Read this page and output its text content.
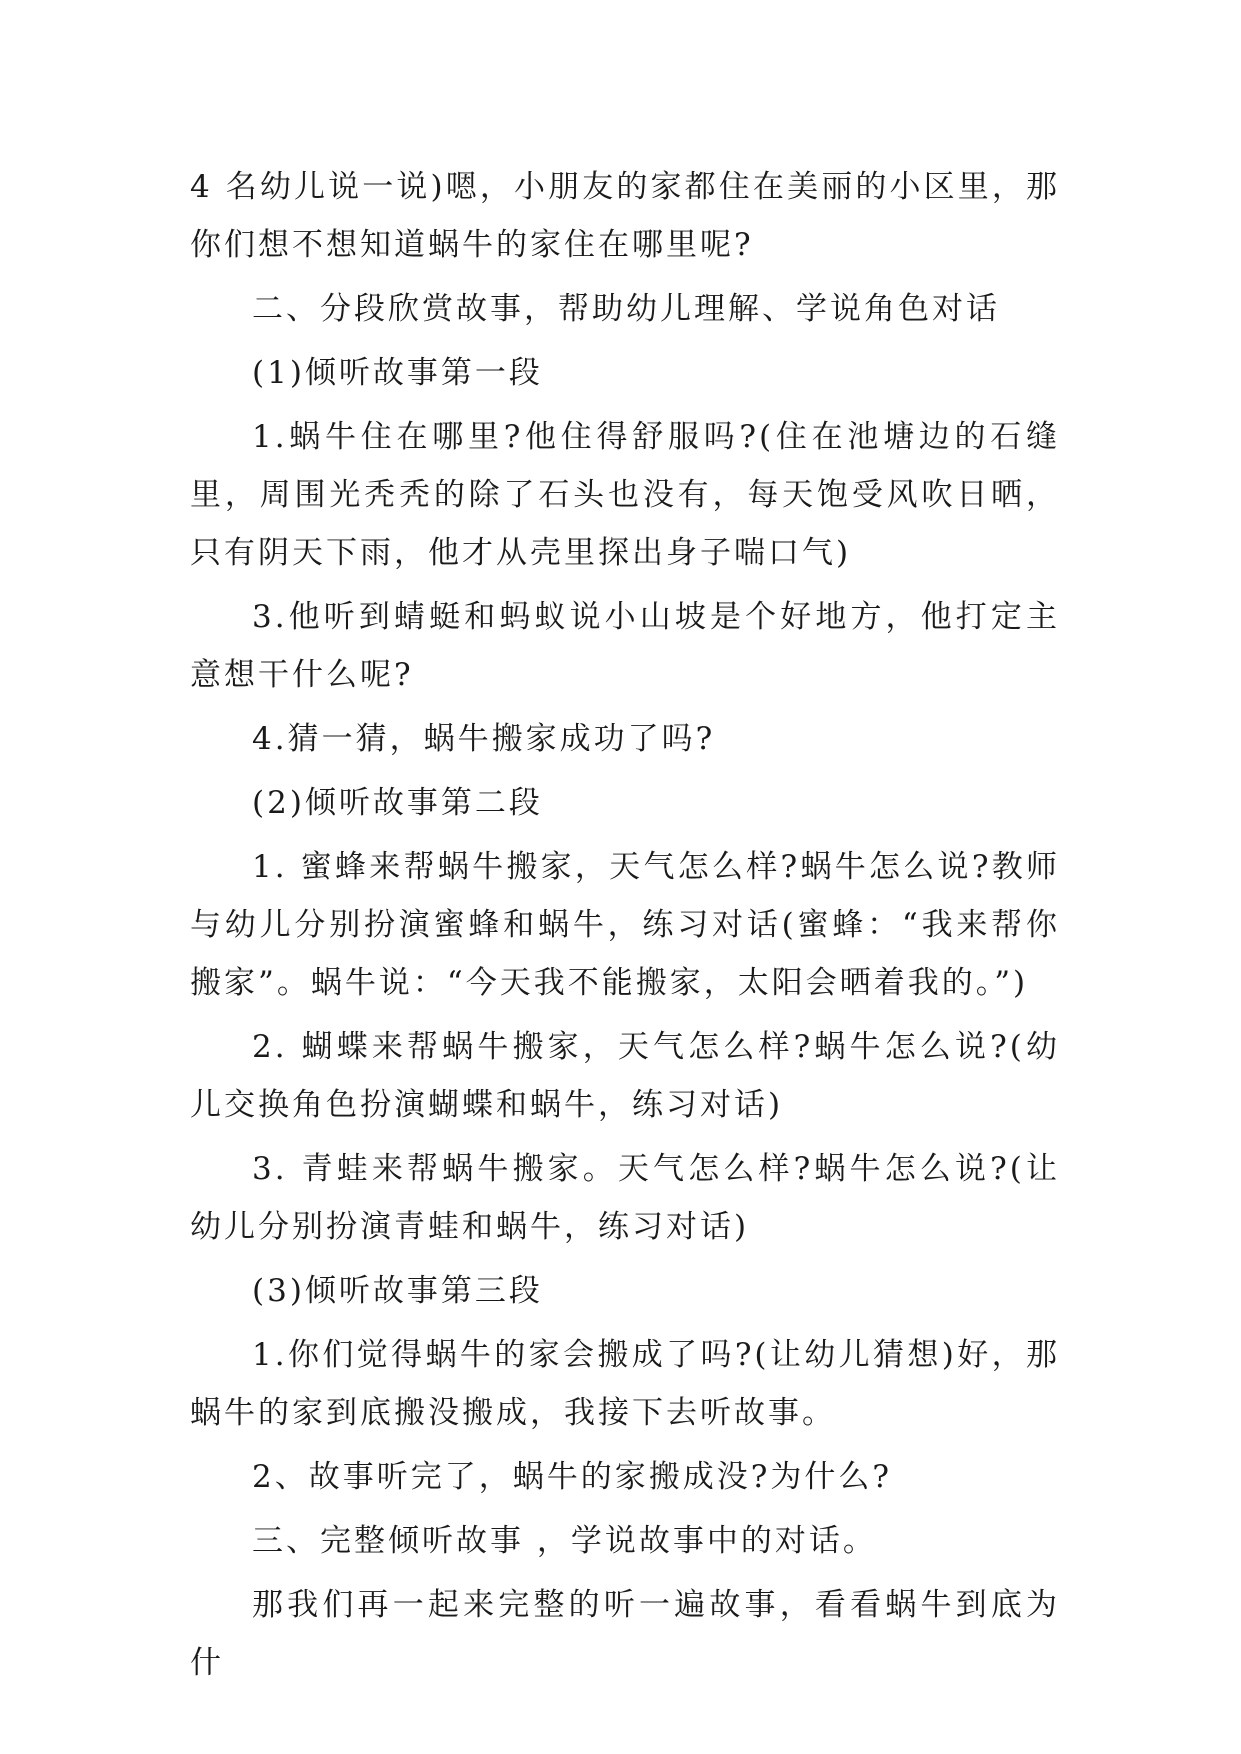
4 名幼儿说一说)嗯，小朋友的家都住在美丽的小区里，那你们想不想知道蜗牛的家住在哪里呢?

二、分段欣赏故事，帮助幼儿理解、学说角色对话

(1)倾听故事第一段

1.蜗牛住在哪里?他住得舒服吗?(住在池塘边的石缝里，周围光秃秃的除了石头也没有，每天饱受风吹日晒，只有阴天下雨，他才从壳里探出身子喘口气)

3.他听到蜻蜓和蚂蚁说小山坡是个好地方，他打定主意想干什么呢?

4.猜一猜，蜗牛搬家成功了吗?

(2)倾听故事第二段

1. 蜜蜂来帮蜗牛搬家，天气怎么样?蜗牛怎么说?教师与幼儿分别扮演蜜蜂和蜗牛，练习对话(蜜蜂：“我来帮你搬家”。蜗牛说：“今天我不能搬家，太阳会晒着我的。”)

2. 蝴蝶来帮蜗牛搬家，天气怎么样?蜗牛怎么说?(幼儿交换角色扮演蝴蝶和蜗牛，练习对话)

3. 青蛙来帮蜗牛搬家。天气怎么样?蜗牛怎么说?(让幼儿分别扮演青蛙和蜗牛，练习对话)

(3)倾听故事第三段

1.你们觉得蜗牛的家会搬成了吗?(让幼儿猜想)好，那蜗牛的家到底搬没搬成，我接下去听故事。

2、故事听完了，蜗牛的家搬成没?为什么?

三、完整倾听故事 ，学说故事中的对话。

那我们再一起来完整的听一遍故事，看看蜗牛到底为什
